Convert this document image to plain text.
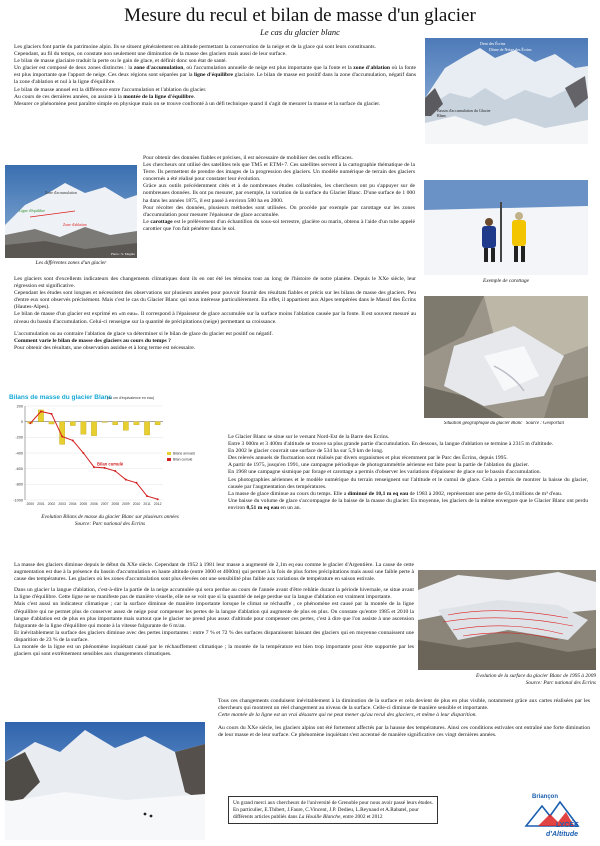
Mesure du recul et bilan de masse d'un glacier
Le cas du glacier blanc

Les glaciers font partie du patrimoine alpin. Ils se situent généralement en altitude permettant la conservation de la neige et de la glace qui sont leurs constituants.

Cependant, au fil du temps, on constate non seulement une diminution de la masse des glaciers mais aussi de leur surface.

Le bilan de masse glaciaire traduit la perte ou le gain de glace, et définit donc son état de santé.

Un glacier est composé de deux zones distinctes : la zone d'accumulation, où l'accumulation annuelle de neige est plus importante que la fonte et la zone d'ablation où la fonte est plus importante que l'apport de neige. Ces deux régions sont séparées par la ligne d'équilibre glaciaire. Le bilan de masse est positif dans la zone d'accumulation, négatif dans la zone d'ablation et nul à la ligne d'équilibre.

Le bilan de masse annuel est la différence entre l'accumulation et l'ablation du glacier.

Au cours de ces dernières années, on assiste à la montée de la ligne d'équilibre.

Mesurer ce phénomène peut paraître simple en physique mais on se trouve confronté à un défi technique quand il s'agit de mesurer la masse et la surface du glacier.

Dent des Écrins
Dôme de Neige des Écrins
Bassin d'accumulation du Glacier Blanc
Zone d'accumulation
Ligne d'équilibre
Zone d'ablation
Photo : S. Magnin
Les différentes zones d'un glacier

Pour obtenir des données fiables et précises, il est nécessaire de mobiliser des outils efficaces.

Les chercheurs ont utilisé des satellites tels que TM5 et ETM+7. Ces satellites servent à la cartographie thématique de la Terre. Ils permettent de prendre des images de la progression des glaciers. Un modèle numérique de terrain des glaciers concernés a été réalisé pour constater leur évolution.

Grâce aux outils précédemment cités et à de nombreuses études collatérales, les chercheurs ont pu s'appuyer sur de nombreuses données. Ils ont pu mesurer, par exemple, la variation de la surface du Glacier Blanc. D'une surface de 1 000 ha dans les années 1875, il est passé à environ 580 ha en 2000.

Pour récolter des données, plusieurs méthodes sont utilisées. On procède par exemple par carottage sur les zones d'accumulation pour mesurer l'épaisseur de glace accumulée.

Le carottage est le prélèvement d'un échantillon du sous-sol terrestre, glacière ou marin, obtenu à l'aide d'un tube appelé carottier que l'on fait pénétrer dans le sol.

Exemple de carottage

Les glaciers sont d'excellents indicateurs des changements climatiques dont ils en ont été les témoins tout au long de l'histoire de notre planète. Depuis le XXe siècle, leur régression est significative.

Cependant les études sont longues et nécessitent des observations sur plusieurs années pour pouvoir fournir des résultats fiables et précis sur les bilans de masse des glaciers. Peu d'entre eux sont observés précisément. Mais c'est le cas du Glacier Blanc qui nous intéresse particulièrement. En effet, il appartient aux Alpes tempérées dans le Massif des Écrins (Hautes-Alpes).

Le bilan de masse d'un glacier est exprimé en «m eau». Il correspond à l'épaisseur de glace accumulée sur la surface moins l'ablation causée par la fonte. Il est souvent mesuré au niveau du bassin d'accumulation. Celui-ci renseigne sur la quantité de précipitations (neige) permettant sa croissance.

L'accumulation ou au contraire l'ablation de glace va déterminer si le bilan de glace du glacier est positif ou négatif.

Comment varie le bilan de masse des glaciers au cours du temps ?

Pour obtenir des résultats, une observation assidue et à long terme est nécessaire.

Situation géographique du glacier Blanc Source : Géoportail
Bilans de masse du glacier Blanc
(en cm d'équivalence en eau)
200
0
-200
-400
-600
-800
-1000
2000 2001 2002 2003 2004 2005 2006 2007 2008 2009 2010 2011 2012
Bilan cumulé
Bilans annuels
Bilan cumulé
Évolution Bilans de masse du glacier Blanc sur plusieurs années
Source: Parc national des Écrins

Le Glacier Blanc se situe sur le versant Nord-Est de la Barre des Écrins.

Entre 3 000m et 3 400m d'altitude se trouve sa plus grande partie d'accumulation. En dessous, la langue d'ablation se termine à 2315 m d'altitude.

En 2002 le glacier couvrait une surface de 534 ha sur 5,9 km de long.

Des relevés annuels de fluctuation sont réalisés par divers organismes et plus récemment par le Parc des Écrins, depuis 1995.

A partir de 1975, jusqu'en 1991, une campagne périodique de photogrammétrie aérienne est faite pour la partie de l'ablation du glacier.

En 1968 une campagne sismique par forage et carottage a permis d'observer les variations d'épaisseur de glace sur le bassin d'accumulation.

Les photographies aériennes et le modèle numérique du terrain renseignent sur l'altitude et le cumul de glace. Cela a permis de montrer la baisse du glacier, causée par l'augmentation des températures.

La masse de glace diminue au cours du temps. Elle a diminué de 10,1 m eq eau de 1983 à 2002, représentant une perte de 63,4 millions de m³ d'eau.

Une baisse du volume de glace s'accompagne de la baisse de la masse du glacier. En moyenne, les glaciers de la même envergure que le Glacier Blanc ont perdu environ 0,51 m eq eau en un an.

La masse des glaciers diminue depuis le début du XXe siècle. Cependant de 1952 à 1981 leur masse a augmenté de 2,1m eq eau comme le glacier d'Argentière. La cause de cette augmentation est due à la présence du bassin d'accumulation en haute altitude (entre 3000 et 4000m) qui permet à la fois de plus fortes précipitations mais aussi une faible perte à cause des températures. Les glaciers où les zones d'accumulation sont plus élevées ont une sensibilité plus faible aux variations de température en saison estivale.

Dans un glacier la langue d'ablation, c'est-à-dire la partie de la neige accumulée qui sera perdue au cours de l'année avant d'être rebâtie durant la période hivernale, se situe avant la ligne d'équilibre. Cette ligne ne se manifeste pas de manière visuelle, elle ne se voit que si la quantité de neige perdue sur la langue d'ablation est vraiment importante.

Mais c'est aussi un indicateur climatique ; car la surface diminue de manière importante lorsque le climat se réchauffe , ce phénomène est causé par la montée de la ligne d'équilibre qui ne permet plus de conserver assez de neige pour compenser les pertes de la langue d'ablation qui augmente de plus en plus. On constate qu'entre 1985 et 2010 la langue d'ablation est de plus en plus importante mais surtout que le glacier ne prend plus assez d'altitude pour compenser ces pertes, c'est à dire que l'on assiste à une ascension fulgurante de la ligne d'équilibre qui monte à la vitesse fulgurante de 6 m/an.

Et inévitablement la surface des glaciers diminue avec des pertes importantes : entre 7 % et 72 % des surfaces disparaissent laissant des glaciers qui en moyenne connaissent une disparition de 23 % de la surface.

La montée de la ligne est un phénomène inquiétant causé par le réchauffement climatique ; la montée de la température est bien trop importante pour être supportée par les glaciers qui sont extrêmement sensibles aux changements climatiques.

Évolution de la surface du glacier Blanc de 1995 à 2009
Source: Parc national des Écrins

Tous ces changements conduisent inévitablement à la diminution de la surface et cela devient de plus en plus visible, notamment grâce aux cartes réalisées par les chercheurs qui montrent un réel changement au niveau de la surface. Celle-ci diminue de manière sensible et importante.

Cette montée de la ligne est un vrai désastre qui ne peut mener qu'au recul des glaciers, et même à leur disparition.

Au cours du XXe siècle, les glaciers alpins ont été fortement affectés par la hausse des températures. Ainsi ces conditions estivales ont entraîné une forte diminution de leur masse et de leur surface. Ce phénomène inquiétant s'est accentué de manière significative ces vingt dernières années.

Un grand merci aux chercheurs de l'université de Grenoble pour nous avoir passé leurs études. En particulier, E.Thibert, J.Faure, C.Vincent, J.P. Dedieu, L.Reynaud et A.Rabatel, pour différents articles publiés dans La Houille Blanche, entre 2002 et 2012
Briançon
LYCÉE
d'Altitude
